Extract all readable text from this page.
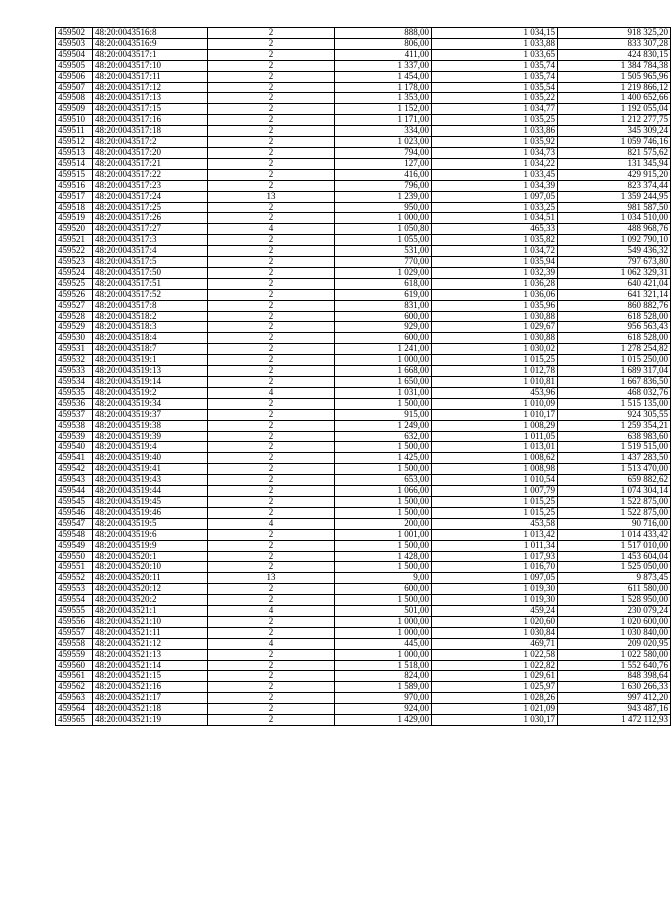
459502	48:20:0043516:8	2	888,00	1 034,15	918 325,20
459503	48:20:0043516:9	2	806,00	1 033,88	833 307,28
459504	48:20:0043517:1	2	411,00	1 033,65	424 830,15
459505	48:20:0043517:10	2	1 337,00	1 035,74	1 384 784,38
459506	48:20:0043517:11	2	1 454,00	1 035,74	1 505 965,96
459507	48:20:0043517:12	2	1 178,00	1 035,54	1 219 866,12
459508	48:20:0043517:13	2	1 353,00	1 035,22	1 400 652,66
459509	48:20:0043517:15	2	1 152,00	1 034,77	1 192 055,04
459510	48:20:0043517:16	2	1 171,00	1 035,25	1 212 277,75
459511	48:20:0043517:18	2	334,00	1 033,86	345 309,24
459512	48:20:0043517:2	2	1 023,00	1 035,92	1 059 746,16
459513	48:20:0043517:20	2	794,00	1 034,73	821 575,62
459514	48:20:0043517:21	2	127,00	1 034,22	131 345,94
459515	48:20:0043517:22	2	416,00	1 033,45	429 915,20
459516	48:20:0043517:23	2	796,00	1 034,39	823 374,44
459517	48:20:0043517:24	13	1 239,00	1 097,05	1 359 244,95
459518	48:20:0043517:25	2	950,00	1 033,25	981 587,50
459519	48:20:0043517:26	2	1 000,00	1 034,51	1 034 510,00
459520	48:20:0043517:27	4	1 050,80	465,33	488 968,76
459521	48:20:0043517:3	2	1 055,00	1 035,82	1 092 790,10
459522	48:20:0043517:4	2	531,00	1 034,72	549 436,32
459523	48:20:0043517:5	2	770,00	1 035,94	797 673,80
459524	48:20:0043517:50	2	1 029,00	1 032,39	1 062 329,31
459525	48:20:0043517:51	2	618,00	1 036,28	640 421,04
459526	48:20:0043517:52	2	619,00	1 036,06	641 321,14
459527	48:20:0043517:8	2	831,00	1 035,96	860 882,76
459528	48:20:0043518:2	2	600,00	1 030,88	618 528,00
459529	48:20:0043518:3	2	929,00	1 029,67	956 563,43
459530	48:20:0043518:4	2	600,00	1 030,88	618 528,00
459531	48:20:0043518:7	2	1 241,00	1 030,02	1 278 254,82
459532	48:20:0043519:1	2	1 000,00	1 015,25	1 015 250,00
459533	48:20:0043519:13	2	1 668,00	1 012,78	1 689 317,04
459534	48:20:0043519:14	2	1 650,00	1 010,81	1 667 836,50
459535	48:20:0043519:2	4	1 031,00	453,96	468 032,76
459536	48:20:0043519:34	2	1 500,00	1 010,09	1 515 135,00
459537	48:20:0043519:37	2	915,00	1 010,17	924 305,55
459538	48:20:0043519:38	2	1 249,00	1 008,29	1 259 354,21
459539	48:20:0043519:39	2	632,00	1 011,05	638 983,60
459540	48:20:0043519:4	2	1 500,00	1 013,01	1 519 515,00
459541	48:20:0043519:40	2	1 425,00	1 008,62	1 437 283,50
459542	48:20:0043519:41	2	1 500,00	1 008,98	1 513 470,00
459543	48:20:0043519:43	2	653,00	1 010,54	659 882,62
459544	48:20:0043519:44	2	1 066,00	1 007,79	1 074 304,14
459545	48:20:0043519:45	2	1 500,00	1 015,25	1 522 875,00
459546	48:20:0043519:46	2	1 500,00	1 015,25	1 522 875,00
459547	48:20:0043519:5	4	200,00	453,58	90 716,00
459548	48:20:0043519:6	2	1 001,00	1 013,42	1 014 433,42
459549	48:20:0043519:9	2	1 500,00	1 011,34	1 517 010,00
459550	48:20:0043520:1	2	1 428,00	1 017,93	1 453 604,04
459551	48:20:0043520:10	2	1 500,00	1 016,70	1 525 050,00
459552	48:20:0043520:11	13	9,00	1 097,05	9 873,45
459553	48:20:0043520:12	2	600,00	1 019,30	611 580,00
459554	48:20:0043520:2	2	1 500,00	1 019,30	1 528 950,00
459555	48:20:0043521:1	4	501,00	459,24	230 079,24
459556	48:20:0043521:10	2	1 000,00	1 020,60	1 020 600,00
459557	48:20:0043521:11	2	1 000,00	1 030,84	1 030 840,00
459558	48:20:0043521:12	4	445,00	469,71	209 020,95
459559	48:20:0043521:13	2	1 000,00	1 022,58	1 022 580,00
459560	48:20:0043521:14	2	1 518,00	1 022,82	1 552 640,76
459561	48:20:0043521:15	2	824,00	1 029,61	848 398,64
459562	48:20:0043521:16	2	1 589,00	1 025,97	1 630 266,33
459563	48:20:0043521:17	2	970,00	1 028,26	997 412,20
459564	48:20:0043521:18	2	924,00	1 021,09	943 487,16
459565	48:20:0043521:19	2	1 429,00	1 030,17	1 472 112,93
